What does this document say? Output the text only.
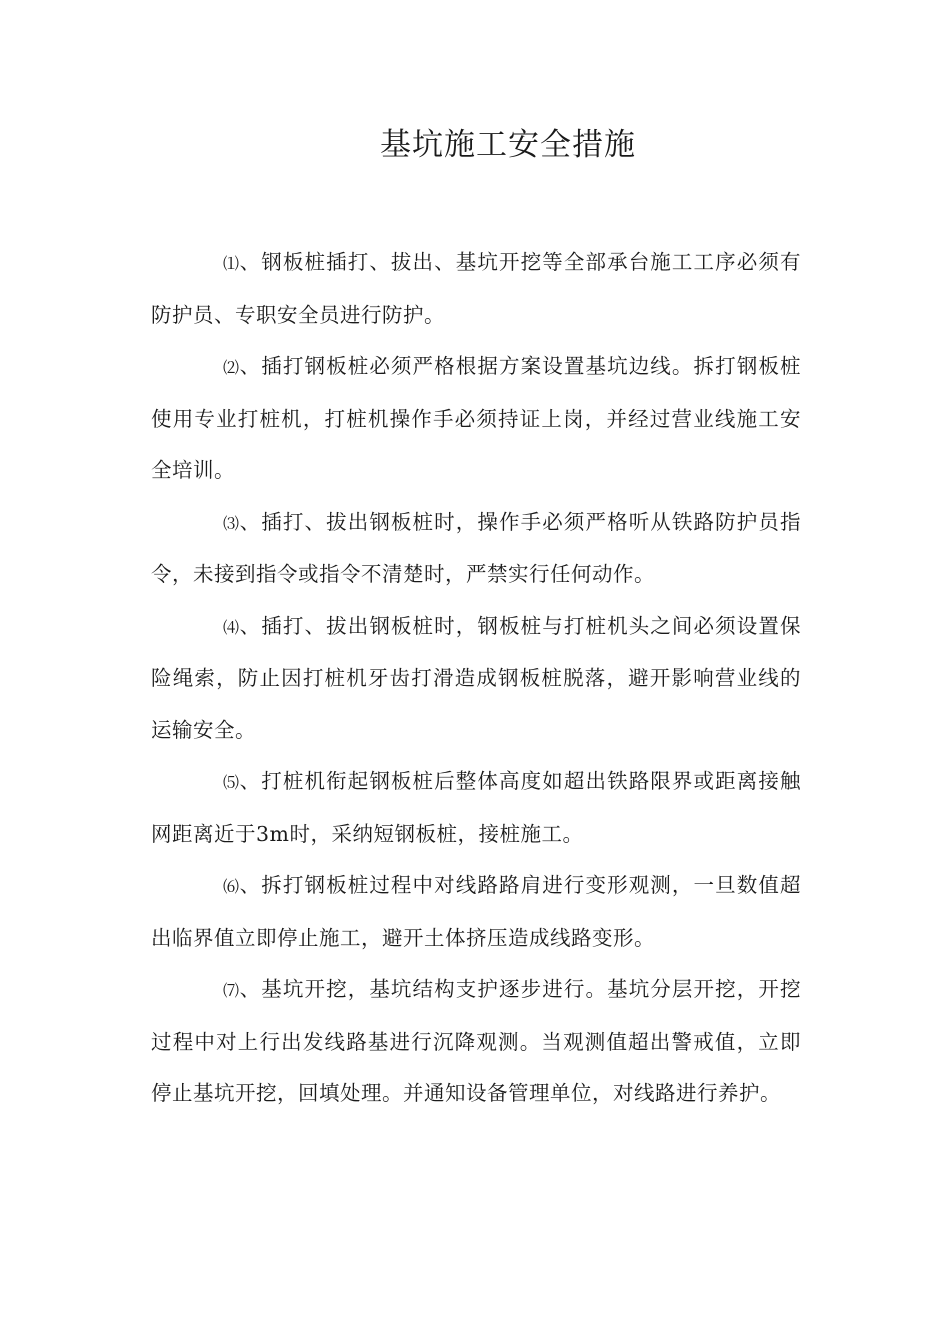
基坑施工安全措施

⑴、钢板桩插打、拔出、基坑开挖等全部承台施工工序必须有防护员、专职安全员进行防护。

⑵、插打钢板桩必须严格根据方案设置基坑边线。拆打钢板桩使用专业打桩机，打桩机操作手必须持证上岗，并经过营业线施工安全培训。

⑶、插打、拔出钢板桩时，操作手必须严格听从铁路防护员指令，未接到指令或指令不清楚时，严禁实行任何动作。

⑷、插打、拔出钢板桩时，钢板桩与打桩机头之间必须设置保险绳索，防止因打桩机牙齿打滑造成钢板桩脱落，避开影响营业线的运输安全。

⑸、打桩机衔起钢板桩后整体高度如超出铁路限界或距离接触网距离近于3m时，采纳短钢板桩，接桩施工。

⑹、拆打钢板桩过程中对线路路肩进行变形观测，一旦数值超出临界值立即停止施工，避开土体挤压造成线路变形。

⑺、基坑开挖，基坑结构支护逐步进行。基坑分层开挖，开挖过程中对上行出发线路基进行沉降观测。当观测值超出警戒值，立即停止基坑开挖，回填处理。并通知设备管理单位，对线路进行养护。
